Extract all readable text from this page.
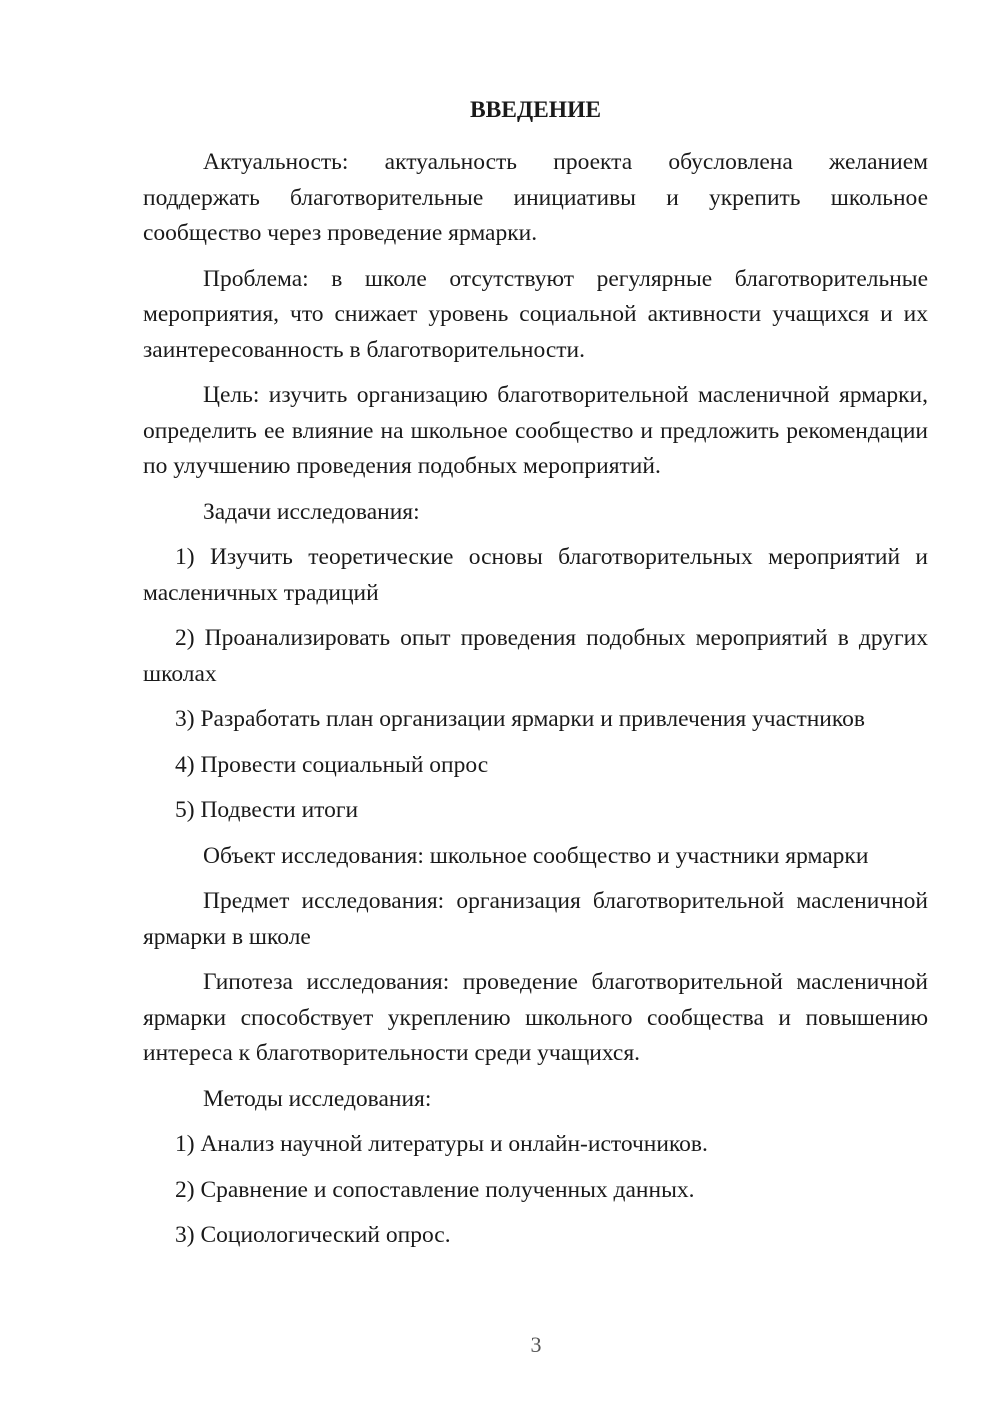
ВВЕДЕНИЕ
Актуальность: актуальность проекта обусловлена желанием поддержать благотворительные инициативы и укрепить школьное сообщество через проведение ярмарки.
Проблема: в школе отсутствуют регулярные благотворительные мероприятия, что снижает уровень социальной активности учащихся и их заинтересованность в благотворительности.
Цель: изучить организацию благотворительной масленичной ярмарки, определить ее влияние на школьное сообщество и предложить рекомендации по улучшению проведения подобных мероприятий.
Задачи исследования:
1) Изучить теоретические основы благотворительных мероприятий и масленичных традиций
2) Проанализировать опыт проведения подобных мероприятий в других школах
3) Разработать план организации ярмарки и привлечения участников
4) Провести социальный опрос
5) Подвести итоги
Объект исследования: школьное сообщество и участники ярмарки
Предмет исследования: организация благотворительной масленичной ярмарки в школе
Гипотеза исследования: проведение благотворительной масленичной ярмарки способствует укреплению школьного сообщества и повышению интереса к благотворительности среди учащихся.
Методы исследования:
1) Анализ научной литературы и онлайн-источников.
2) Сравнение и сопоставление полученных данных.
3) Социологический опрос.
3
